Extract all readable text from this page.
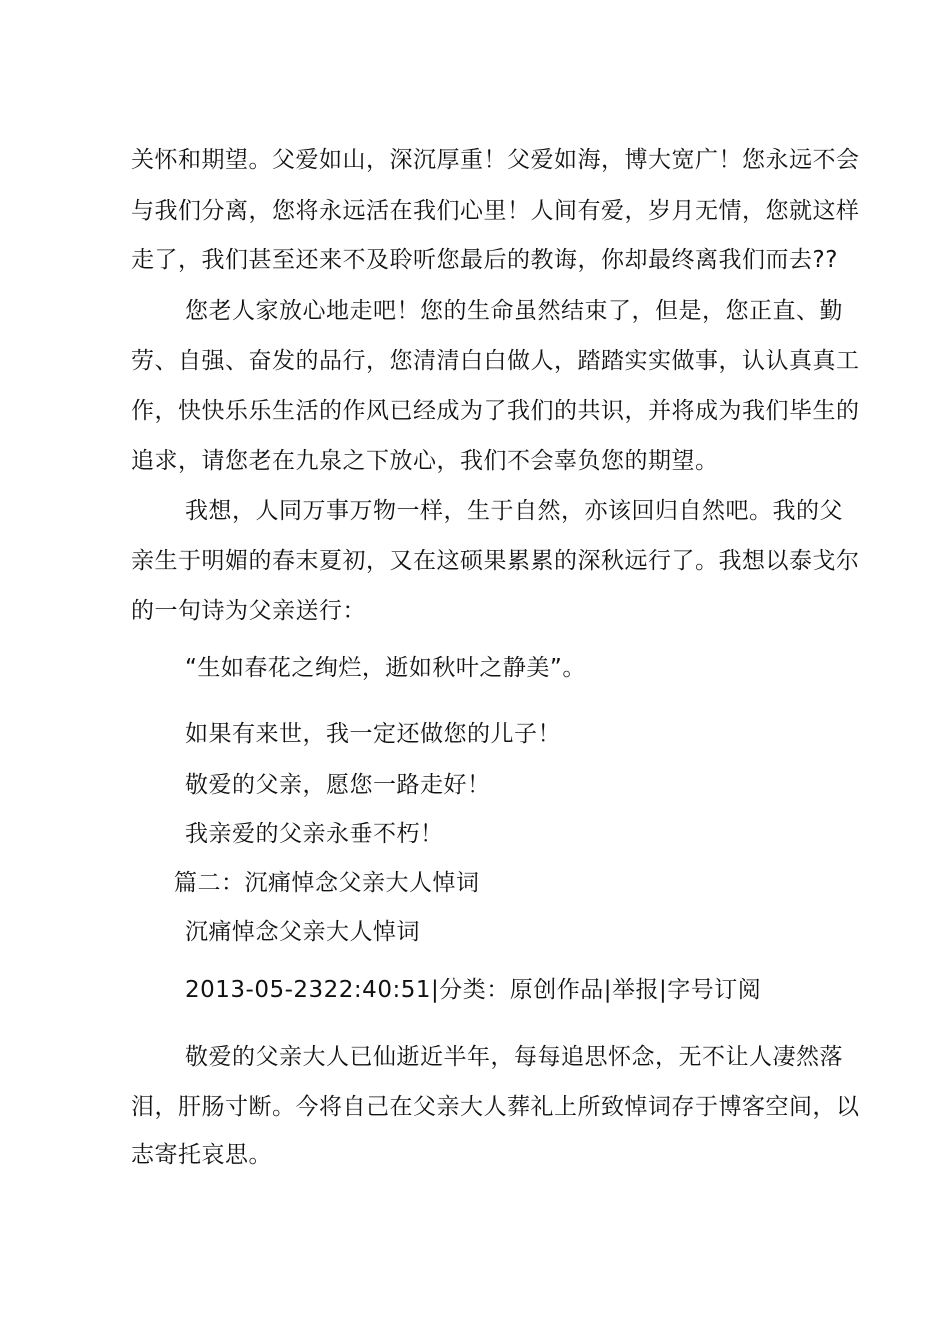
关怀和期望。父爱如山，深沉厚重！父爱如海，博大宽广！您永远不会
与我们分离，您将永远活在我们心里！人间有爱，岁月无情，您就这样
走了，我们甚至还来不及聆听您最后的教诲，你却最终离我们而去??
您老人家放心地走吧！您的生命虽然结束了，但是，您正直、勤
劳、自强、奋发的品行，您清清白白做人，踏踏实实做事，认认真真工
作，快快乐乐生活的作风已经成为了我们的共识，并将成为我们毕生的
追求，请您老在九泉之下放心，我们不会辜负您的期望。
我想，人同万事万物一样，生于自然，亦该回归自然吧。我的父
亲生于明媚的春末夏初，又在这硕果累累的深秋远行了。我想以泰戈尔
的一句诗为父亲送行：
“生如春花之绚烂，逝如秋叶之静美”。
如果有来世，我一定还做您的儿子！
敬爱的父亲，愿您一路走好！
我亲爱的父亲永垂不朽！
篇二：沉痛悼念父亲大人悼词
沉痛悼念父亲大人悼词
2013-05-2322:40:51|分类：原创作品|举报|字号订阅
敬爱的父亲大人已仙逝近半年，每每追思怀念，无不让人凄然落
泪，肝肠寸断。今将自己在父亲大人葬礼上所致悼词存于博客空间，以
志寄托哀思。
